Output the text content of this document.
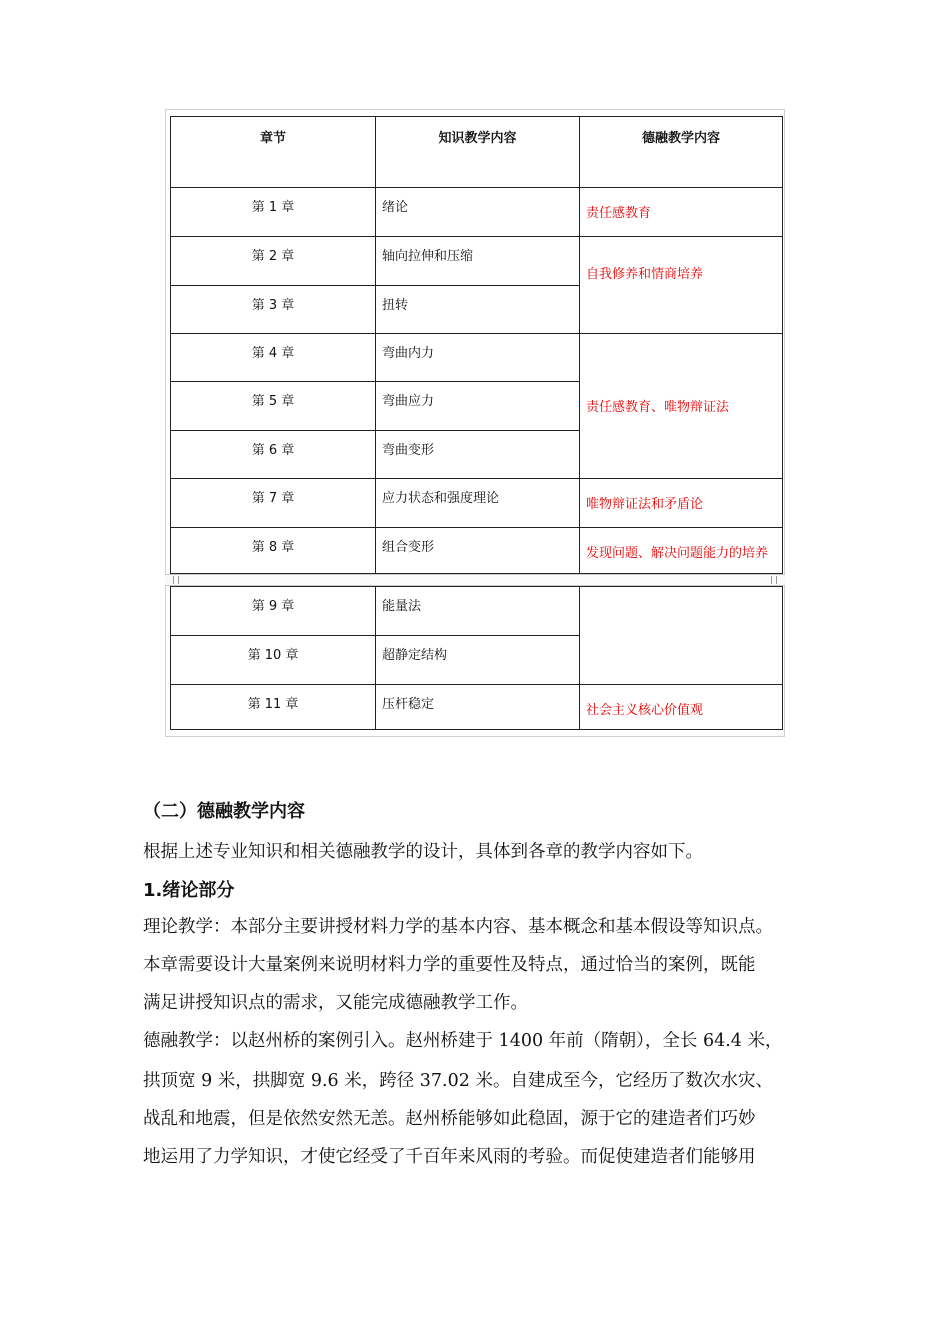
章节	知识教学内容	德融教学内容

第 1 章	绪论	责任感教育

第 2 章	轴向拉伸和压缩	自我修养和情商培养

第 3 章	扭转	

第 4 章	弯曲内力	责任感教育、唯物辩证法

第 5 章	弯曲应力	

第 6 章	弯曲变形	

第 7 章	应力状态和强度理论	唯物辩证法和矛盾论

第 8 章	组合变形	发现问题、解决问题能力的培养
第 9 章	能量法	

第 10 章	超静定结构	

第 11 章	压杆稳定	社会主义核心价值观
（二）德融教学内容
根据上述专业知识和相关德融教学的设计，具体到各章的教学内容如下。
1.绪论部分
理论教学：本部分主要讲授材料力学的基本内容、基本概念和基本假设等知识点。
本章需要设计大量案例来说明材料力学的重要性及特点，通过恰当的案例，既能
满足讲授知识点的需求，又能完成德融教学工作。
德融教学：以赵州桥的案例引入。赵州桥建于 1400 年前（隋朝），全长 64.4 米，
拱顶宽 9 米，拱脚宽 9.6 米，跨径 37.02 米。自建成至今，它经历了数次水灾、
战乱和地震，但是依然安然无恙。赵州桥能够如此稳固，源于它的建造者们巧妙
地运用了力学知识，才使它经受了千百年来风雨的考验。而促使建造者们能够用
